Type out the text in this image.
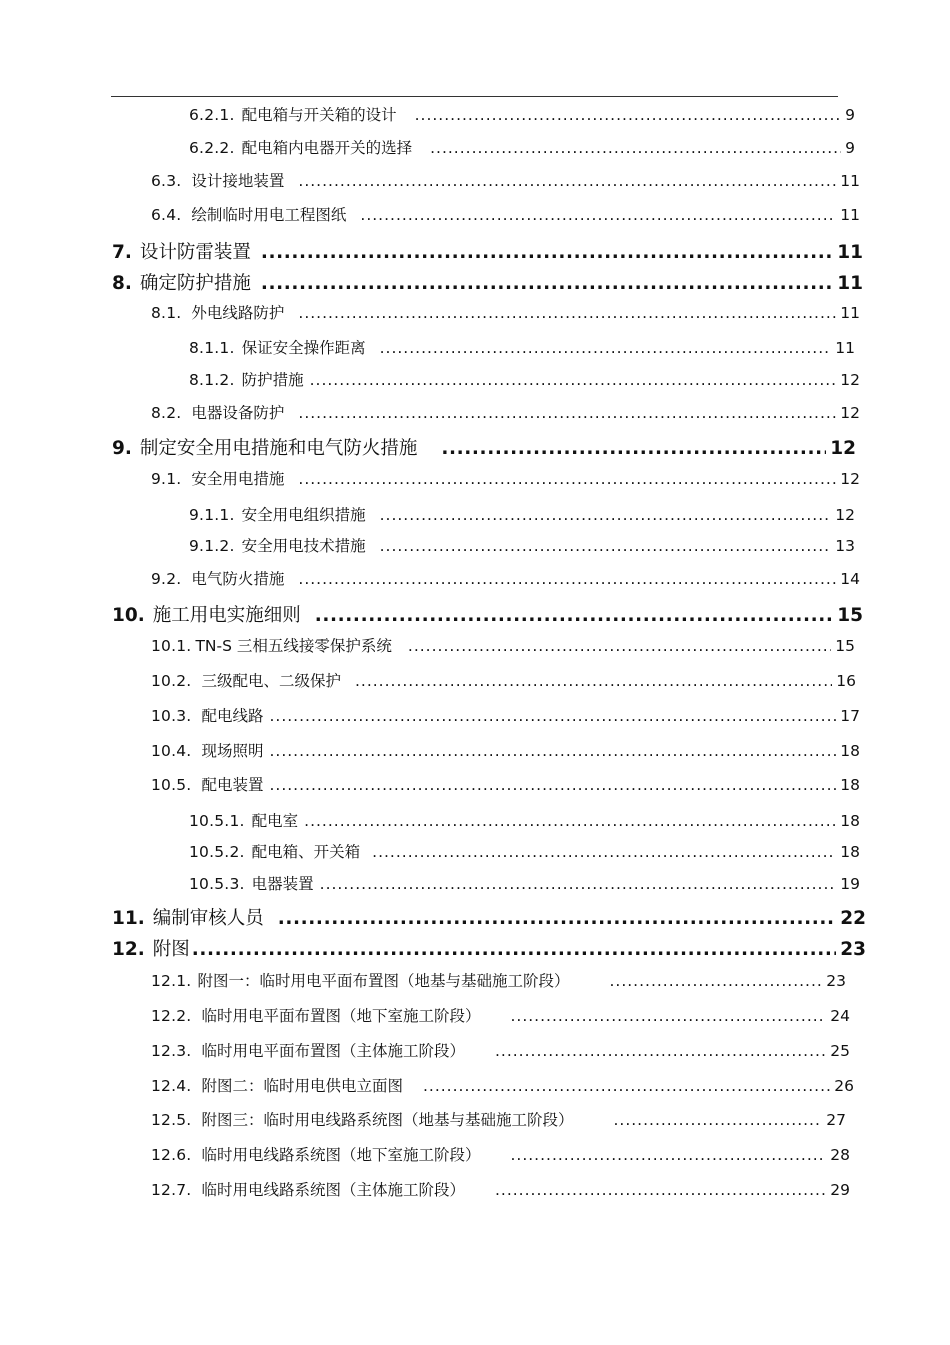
6.2.1. 配电箱与开关箱的设计 .....	9
6.2.2. 配电箱内电器开关的选择 .....	9
6.3. 设计接地装置 .....	11
6.4. 绘制临时用电工程图纸 .....	11
7. 设计防雷装置 .....	11
8. 确定防护措施 .....	11
8.1. 外电线路防护 .....	11
8.1.1. 保证安全操作距离 .....	11
8.1.2. 防护措施 .....	12
8.2. 电器设备防护 .....	12
9. 制定安全用电措施和电气防火措施 .....	12
9.1. 安全用电措施 .....	12
9.1.1. 安全用电组织措施 .....	12
9.1.2. 安全用电技术措施 .....	13
9.2. 电气防火措施 .....	14
10. 施工用电实施细则 .....	15
10.1. TN-S 三相五线接零保护系统 .....	15
10.2. 三级配电、二级保护 .....	16
10.3. 配电线路 .....	17
10.4. 现场照明 .....	18
10.5. 配电装置 .....	18
10.5.1. 配电室 .....	18
10.5.2. 配电箱、开关箱 .....	18
10.5.3. 电器装置 .....	19
11. 编制审核人员 .....	22
12. 附图 .....	23
12.1. 附图一：临时用电平面布置图（地基与基础施工阶段） .....	23
12.2. 临时用电平面布置图（地下室施工阶段） .....	24
12.3. 临时用电平面布置图（主体施工阶段） .....	25
12.4. 附图二：临时用电供电立面图 .....	26
12.5. 附图三：临时用电线路系统图（地基与基础施工阶段） .....	27
12.6. 临时用电线路系统图（地下室施工阶段） .....	28
12.7. 临时用电线路系统图（主体施工阶段） .....	29
